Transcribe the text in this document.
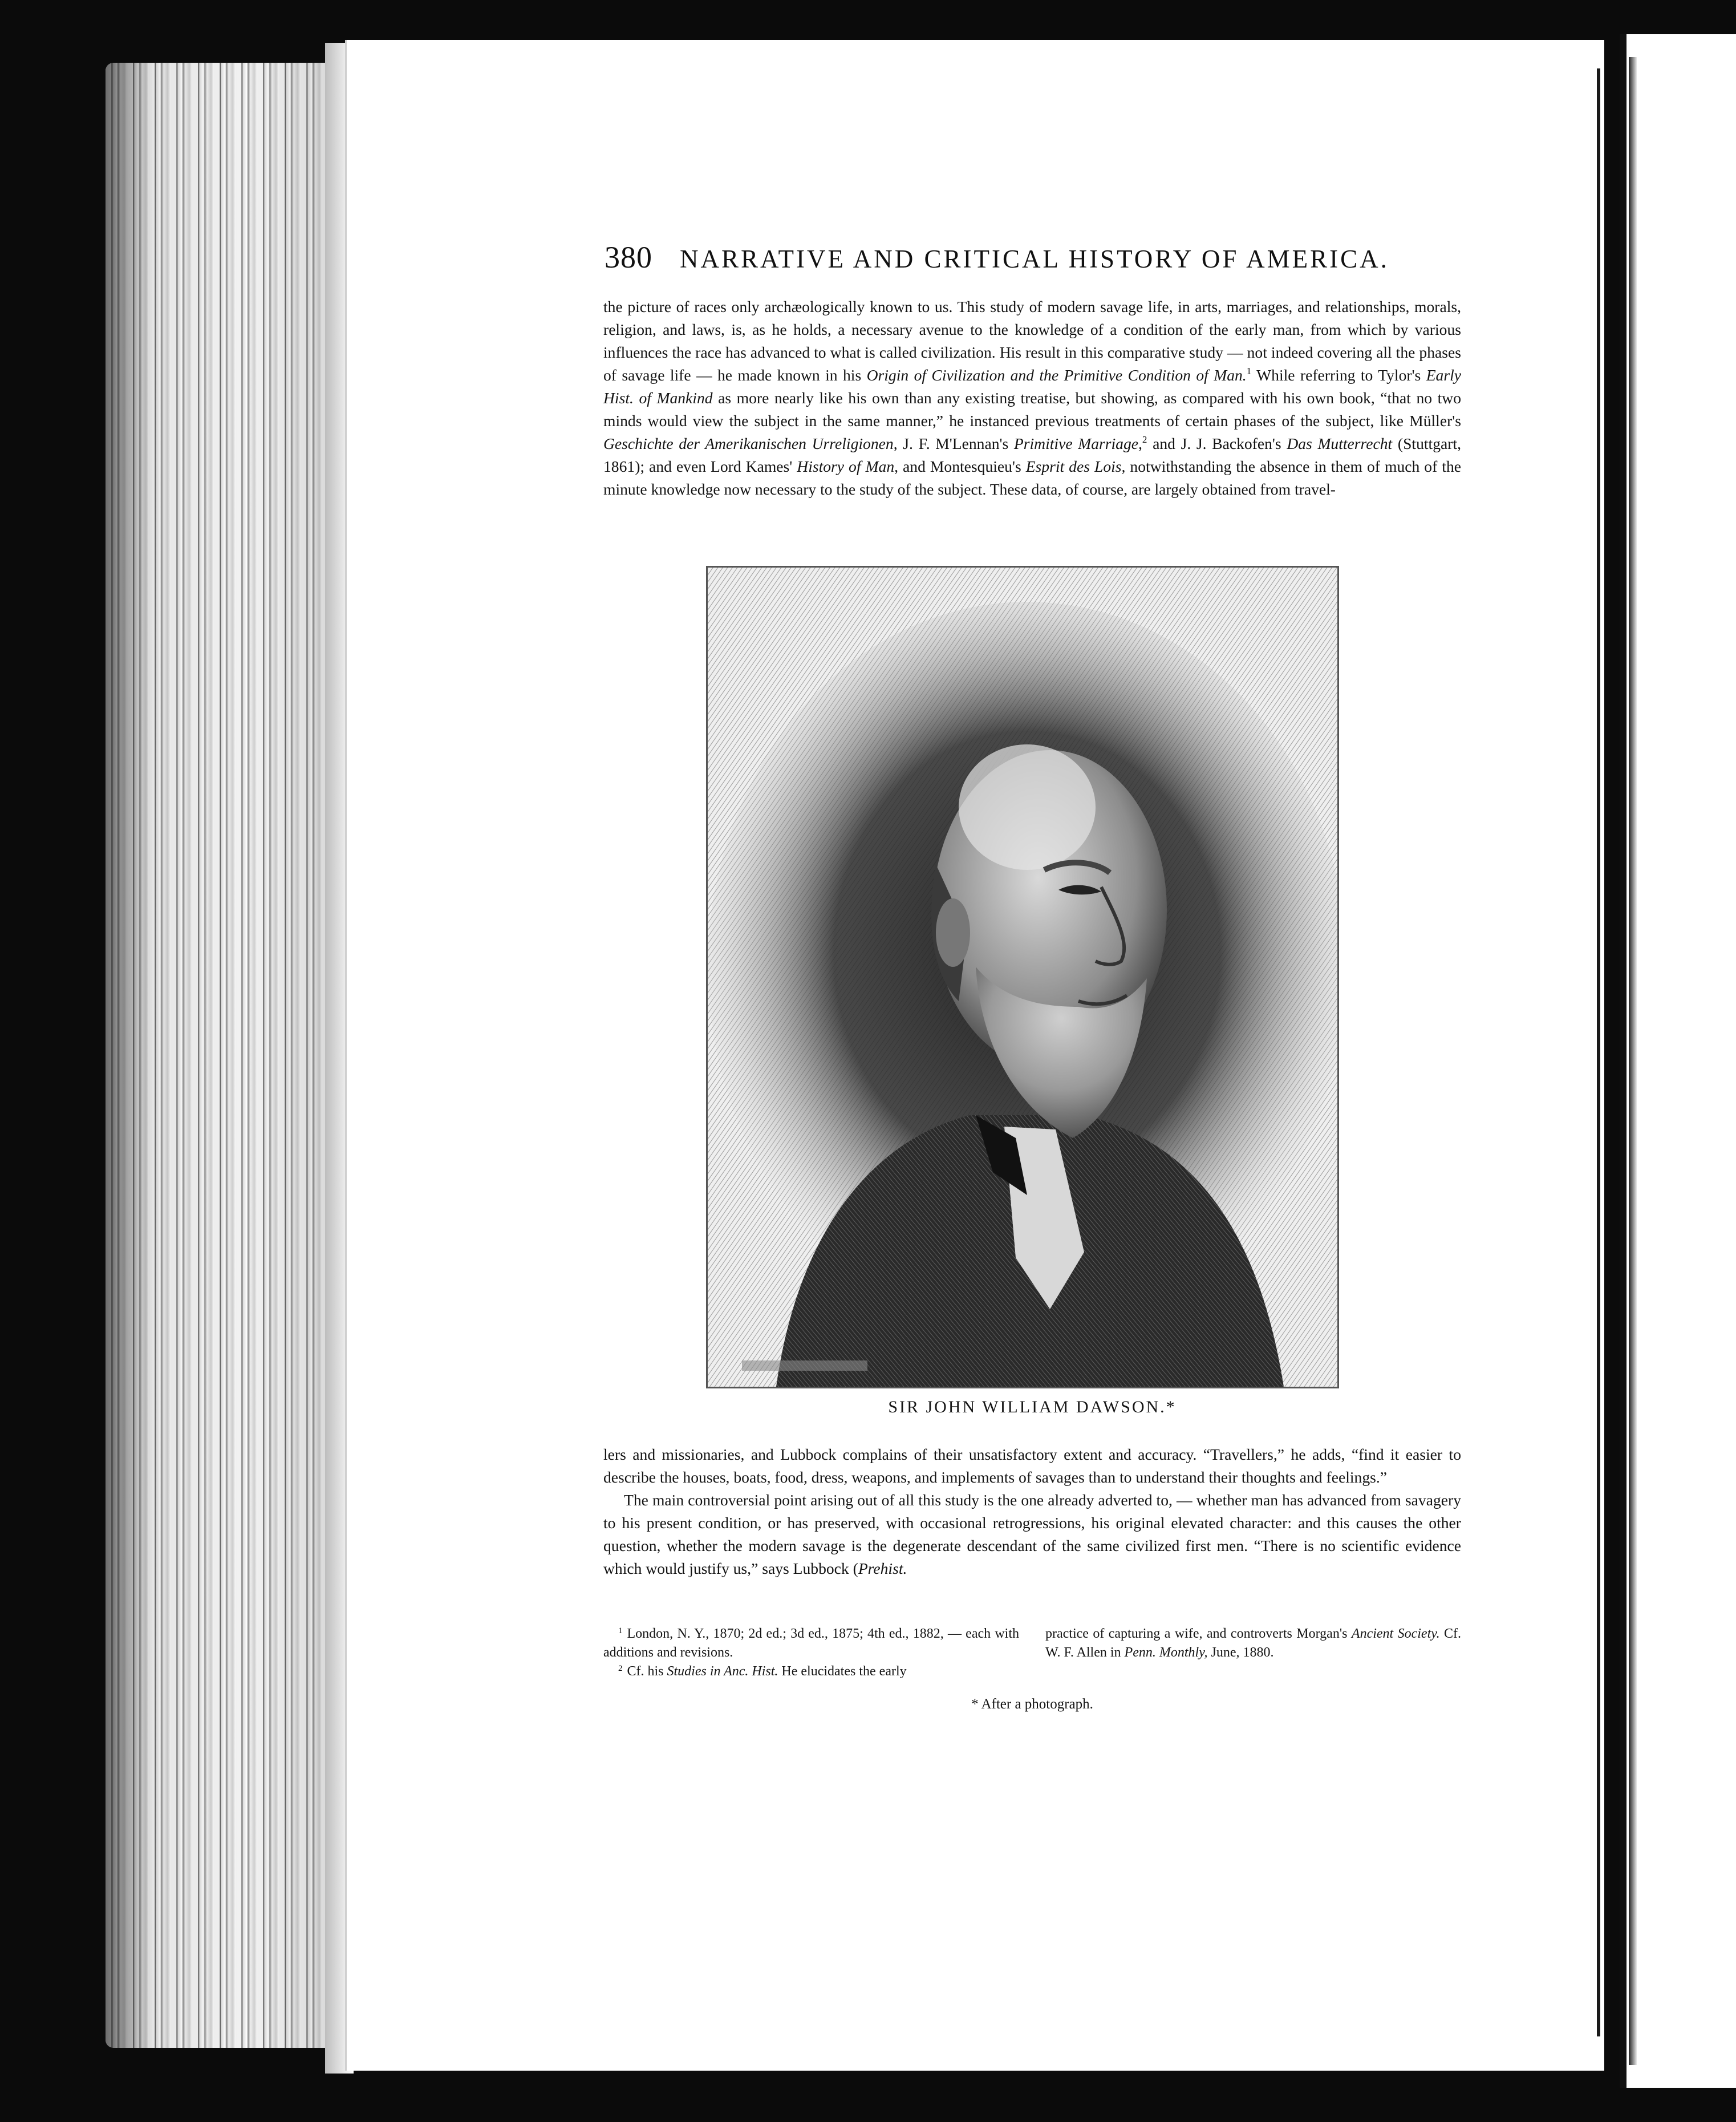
380 NARRATIVE AND CRITICAL HISTORY OF AMERICA.

the picture of races only archæologically known to us. This study of modern savage life, in arts, marriages, and relationships, morals, religion, and laws, is, as he holds, a necessary avenue to the knowledge of a condition of the early man, from which by various influences the race has advanced to what is called civilization. His result in this comparative study — not indeed covering all the phases of savage life — he made known in his Origin of Civilization and the Primitive Condition of Man.$^1$ While referring to Tylor's Early Hist. of Mankind as more nearly like his own than any existing treatise, but showing, as compared with his own book, “that no two minds would view the subject in the same manner,” he instanced previous treatments of certain phases of the subject, like Müller's Geschichte der Amerikanischen Urreligionen, J. F. M'Lennan's Primitive Marriage,$^2$ and J. J. Backofen's Das Mutterrecht (Stuttgart, 1861); and even Lord Kames' History of Man, and Montesquieu's Esprit des Lois, notwithstanding the absence in them of much of the minute knowledge now necessary to the study of the subject. These data, of course, are largely obtained from travel-

SIR JOHN WILLIAM DAWSON.*

lers and missionaries, and Lubbock complains of their unsatisfactory extent and accuracy. “Travellers,” he adds, “find it easier to describe the houses, boats, food, dress, weapons, and implements of savages than to understand their thoughts and feelings.”

The main controversial point arising out of all this study is the one already adverted to, — whether man has advanced from savagery to his present condition, or has preserved, with occasional retrogressions, his original elevated character: and this causes the other question, whether the modern savage is the degenerate descendant of the same civilized first men. “There is no scientific evidence which would justify us,” says Lubbock (Prehist.

$^1$ London, N. Y., 1870; 2d ed.; 3d ed., 1875; 4th ed., 1882, — each with additions and revisions.

$^2$ Cf. his Studies in Anc. Hist. He elucidates the early

practice of capturing a wife, and controverts Morgan's Ancient Society. Cf. W. F. Allen in Penn. Monthly, June, 1880.

* After a photograph.
